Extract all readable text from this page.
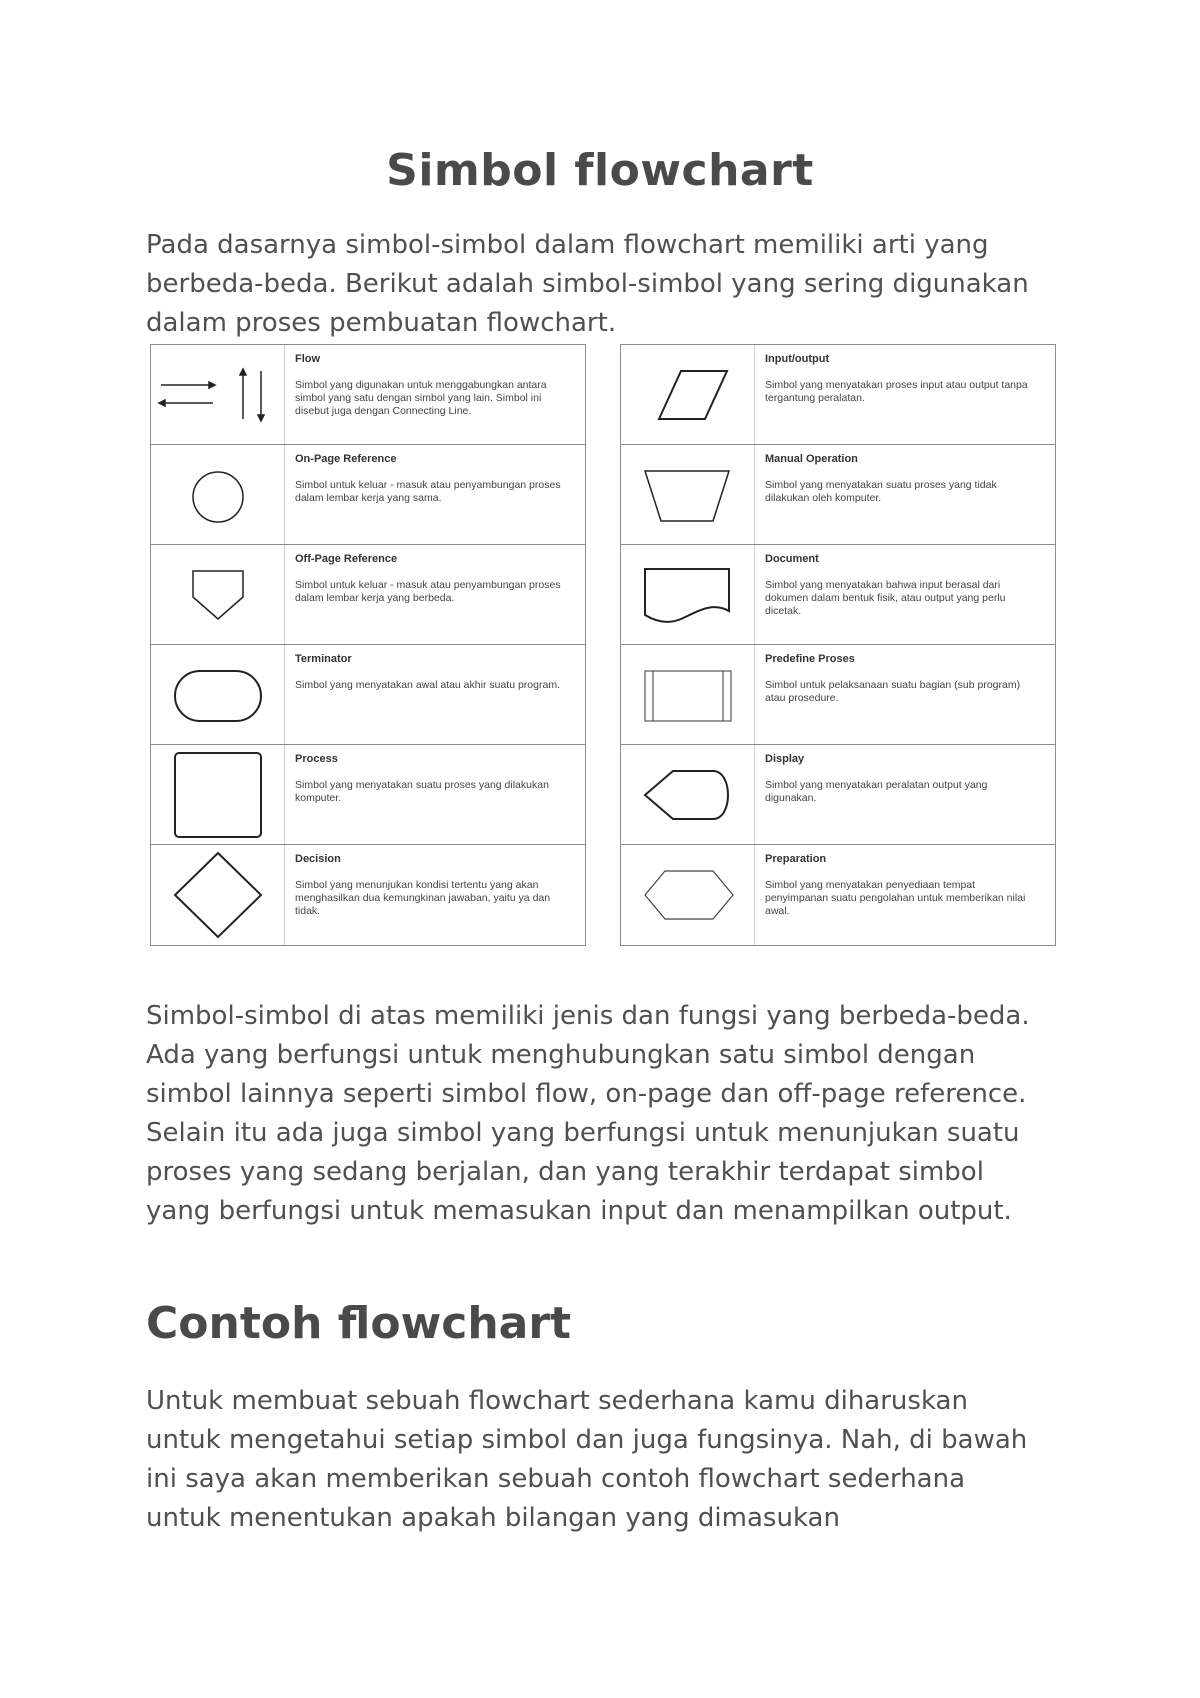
Simbol flowchart

Pada dasarnya simbol-simbol dalam flowchart memiliki arti yang berbeda-beda. Berikut adalah simbol-simbol yang sering digunakan dalam proses pembuatan flowchart.

Flow
Simbol yang digunakan untuk menggabungkan antara simbol yang satu dengan simbol yang lain. Simbol ini disebut juga dengan Connecting Line.
On-Page Reference
Simbol untuk keluar - masuk atau penyambungan proses dalam lembar kerja yang sama.
Off-Page Reference
Simbol untuk keluar - masuk atau penyambungan proses dalam lembar kerja yang berbeda.
Terminator
Simbol yang menyatakan awal atau akhir suatu program.
Process
Simbol yang menyatakan suatu proses yang dilakukan komputer.
Decision
Simbol yang menunjukan kondisi tertentu yang akan menghasilkan dua kemungkinan jawaban, yaitu ya dan tidak.
Input/output
Simbol yang menyatakan proses input atau output tanpa tergantung peralatan.
Manual Operation
Simbol yang menyatakan suatu proses yang tidak dilakukan oleh komputer.
Document
Simbol yang menyatakan bahwa input berasal dari dokumen dalam bentuk fisik, atau output yang perlu dicetak.
Predefine Proses
Simbol untuk pelaksanaan suatu bagian (sub program) atau prosedure.
Display
Simbol yang menyatakan peralatan output yang digunakan.
Preparation
Simbol yang menyatakan penyediaan tempat penyimpanan suatu pengolahan untuk memberikan nilai awal.

Simbol-simbol di atas memiliki jenis dan fungsi yang berbeda-beda. Ada yang berfungsi untuk menghubungkan satu simbol dengan simbol lainnya seperti simbol flow, on-page dan off-page reference. Selain itu ada juga simbol yang berfungsi untuk menunjukan suatu proses yang sedang berjalan, dan yang terakhir terdapat simbol yang berfungsi untuk memasukan input dan menampilkan output.

Contoh flowchart

Untuk membuat sebuah flowchart sederhana kamu diharuskan untuk mengetahui setiap simbol dan juga fungsinya. Nah, di bawah ini saya akan memberikan sebuah contoh flowchart sederhana untuk menentukan apakah bilangan yang dimasukan
